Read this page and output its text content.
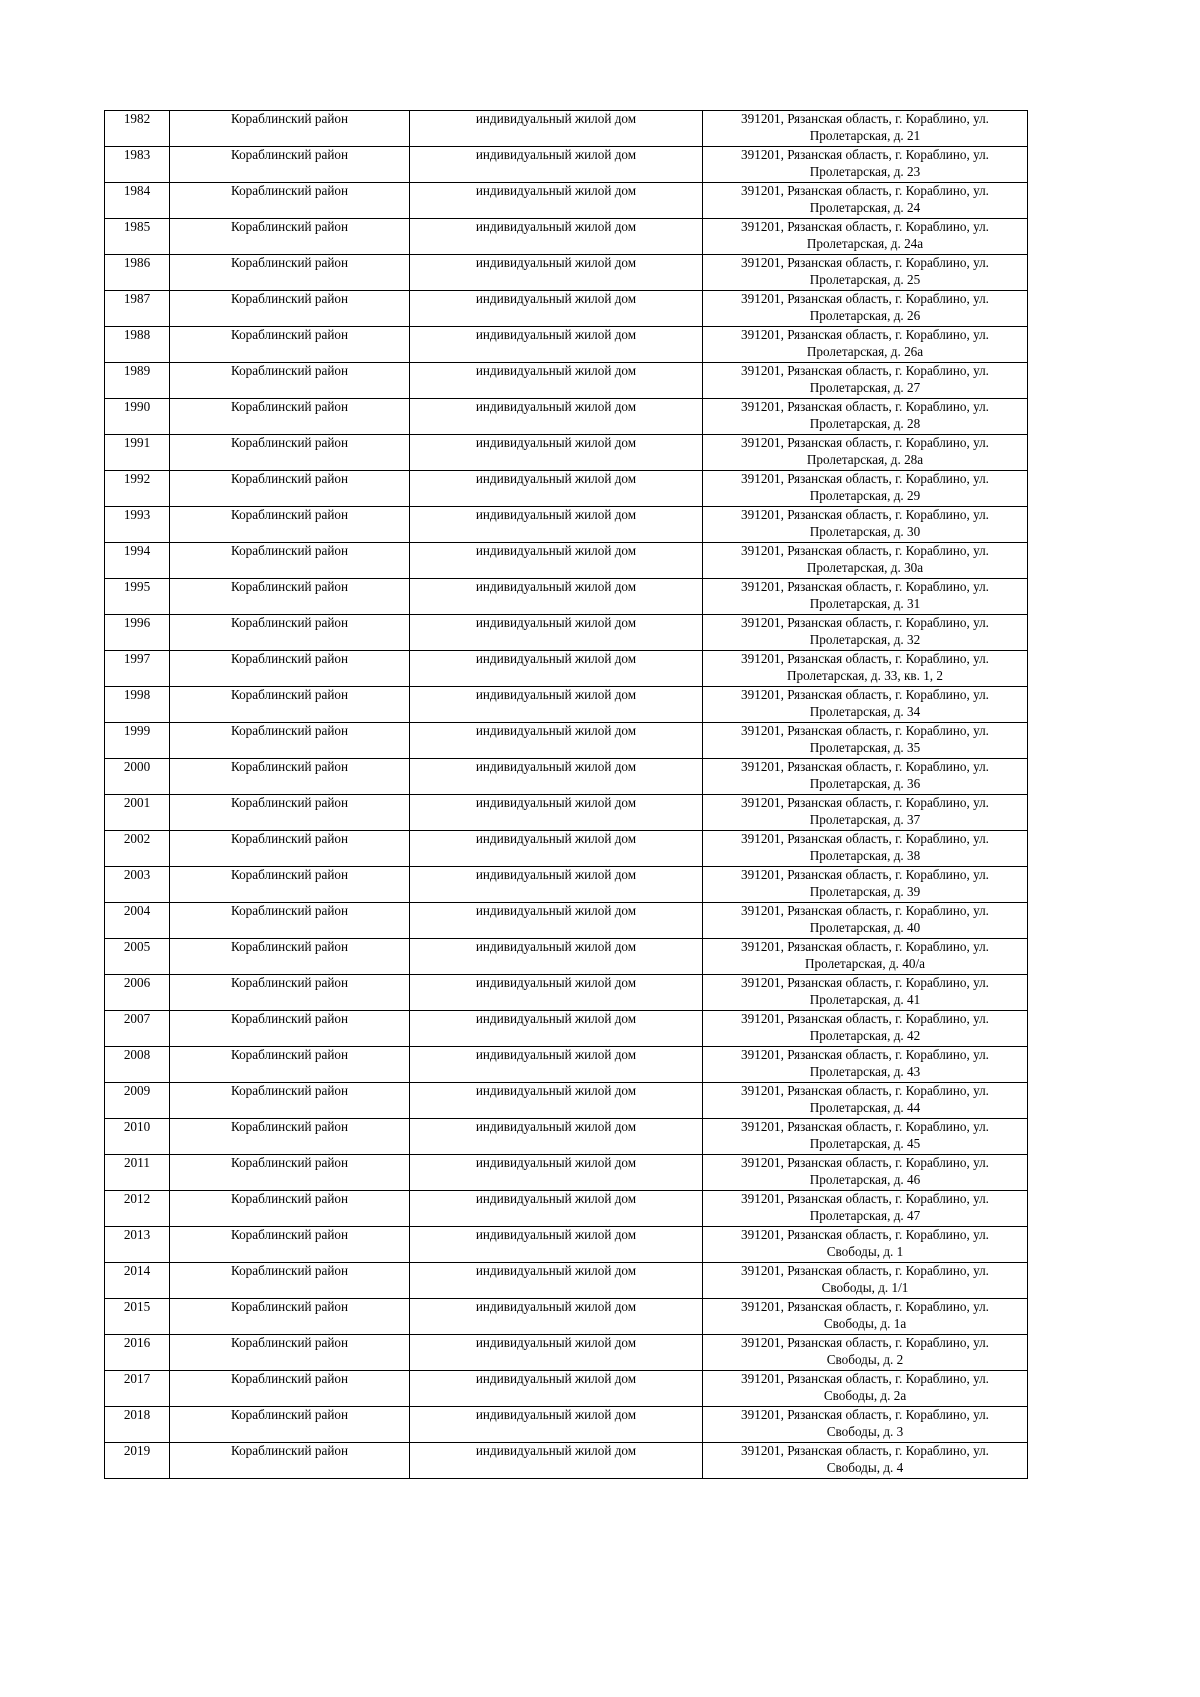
1982	Кораблинский район	индивидуальный жилой дом	391201, Рязанская область, г. Кораблино, ул.
Пролетарская, д. 21

1983	Кораблинский район	индивидуальный жилой дом	391201, Рязанская область, г. Кораблино, ул.
Пролетарская, д. 23

1984	Кораблинский район	индивидуальный жилой дом	391201, Рязанская область, г. Кораблино, ул.
Пролетарская, д. 24

1985	Кораблинский район	индивидуальный жилой дом	391201, Рязанская область, г. Кораблино, ул.
Пролетарская, д. 24а

1986	Кораблинский район	индивидуальный жилой дом	391201, Рязанская область, г. Кораблино, ул.
Пролетарская, д. 25

1987	Кораблинский район	индивидуальный жилой дом	391201, Рязанская область, г. Кораблино, ул.
Пролетарская, д. 26

1988	Кораблинский район	индивидуальный жилой дом	391201, Рязанская область, г. Кораблино, ул.
Пролетарская, д. 26а

1989	Кораблинский район	индивидуальный жилой дом	391201, Рязанская область, г. Кораблино, ул.
Пролетарская, д. 27

1990	Кораблинский район	индивидуальный жилой дом	391201, Рязанская область, г. Кораблино, ул.
Пролетарская, д. 28

1991	Кораблинский район	индивидуальный жилой дом	391201, Рязанская область, г. Кораблино, ул.
Пролетарская, д. 28а

1992	Кораблинский район	индивидуальный жилой дом	391201, Рязанская область, г. Кораблино, ул.
Пролетарская, д. 29

1993	Кораблинский район	индивидуальный жилой дом	391201, Рязанская область, г. Кораблино, ул.
Пролетарская, д. 30

1994	Кораблинский район	индивидуальный жилой дом	391201, Рязанская область, г. Кораблино, ул.
Пролетарская, д. 30а

1995	Кораблинский район	индивидуальный жилой дом	391201, Рязанская область, г. Кораблино, ул.
Пролетарская, д. 31

1996	Кораблинский район	индивидуальный жилой дом	391201, Рязанская область, г. Кораблино, ул.
Пролетарская, д. 32

1997	Кораблинский район	индивидуальный жилой дом	391201, Рязанская область, г. Кораблино, ул.
Пролетарская, д. 33, кв. 1, 2

1998	Кораблинский район	индивидуальный жилой дом	391201, Рязанская область, г. Кораблино, ул.
Пролетарская, д. 34

1999	Кораблинский район	индивидуальный жилой дом	391201, Рязанская область, г. Кораблино, ул.
Пролетарская, д. 35

2000	Кораблинский район	индивидуальный жилой дом	391201, Рязанская область, г. Кораблино, ул.
Пролетарская, д. 36

2001	Кораблинский район	индивидуальный жилой дом	391201, Рязанская область, г. Кораблино, ул.
Пролетарская, д. 37

2002	Кораблинский район	индивидуальный жилой дом	391201, Рязанская область, г. Кораблино, ул.
Пролетарская, д. 38

2003	Кораблинский район	индивидуальный жилой дом	391201, Рязанская область, г. Кораблино, ул.
Пролетарская, д. 39

2004	Кораблинский район	индивидуальный жилой дом	391201, Рязанская область, г. Кораблино, ул.
Пролетарская, д. 40

2005	Кораблинский район	индивидуальный жилой дом	391201, Рязанская область, г. Кораблино, ул.
Пролетарская, д. 40/а

2006	Кораблинский район	индивидуальный жилой дом	391201, Рязанская область, г. Кораблино, ул.
Пролетарская, д. 41

2007	Кораблинский район	индивидуальный жилой дом	391201, Рязанская область, г. Кораблино, ул.
Пролетарская, д. 42

2008	Кораблинский район	индивидуальный жилой дом	391201, Рязанская область, г. Кораблино, ул.
Пролетарская, д. 43

2009	Кораблинский район	индивидуальный жилой дом	391201, Рязанская область, г. Кораблино, ул.
Пролетарская, д. 44

2010	Кораблинский район	индивидуальный жилой дом	391201, Рязанская область, г. Кораблино, ул.
Пролетарская, д. 45

2011	Кораблинский район	индивидуальный жилой дом	391201, Рязанская область, г. Кораблино, ул.
Пролетарская, д. 46

2012	Кораблинский район	индивидуальный жилой дом	391201, Рязанская область, г. Кораблино, ул.
Пролетарская, д. 47

2013	Кораблинский район	индивидуальный жилой дом	391201, Рязанская область, г. Кораблино, ул.
Свободы, д. 1

2014	Кораблинский район	индивидуальный жилой дом	391201, Рязанская область, г. Кораблино, ул.
Свободы, д. 1/1

2015	Кораблинский район	индивидуальный жилой дом	391201, Рязанская область, г. Кораблино, ул.
Свободы, д. 1а

2016	Кораблинский район	индивидуальный жилой дом	391201, Рязанская область, г. Кораблино, ул.
Свободы, д. 2

2017	Кораблинский район	индивидуальный жилой дом	391201, Рязанская область, г. Кораблино, ул.
Свободы, д. 2а

2018	Кораблинский район	индивидуальный жилой дом	391201, Рязанская область, г. Кораблино, ул.
Свободы, д. 3

2019	Кораблинский район	индивидуальный жилой дом	391201, Рязанская область, г. Кораблино, ул.
Свободы, д. 4
